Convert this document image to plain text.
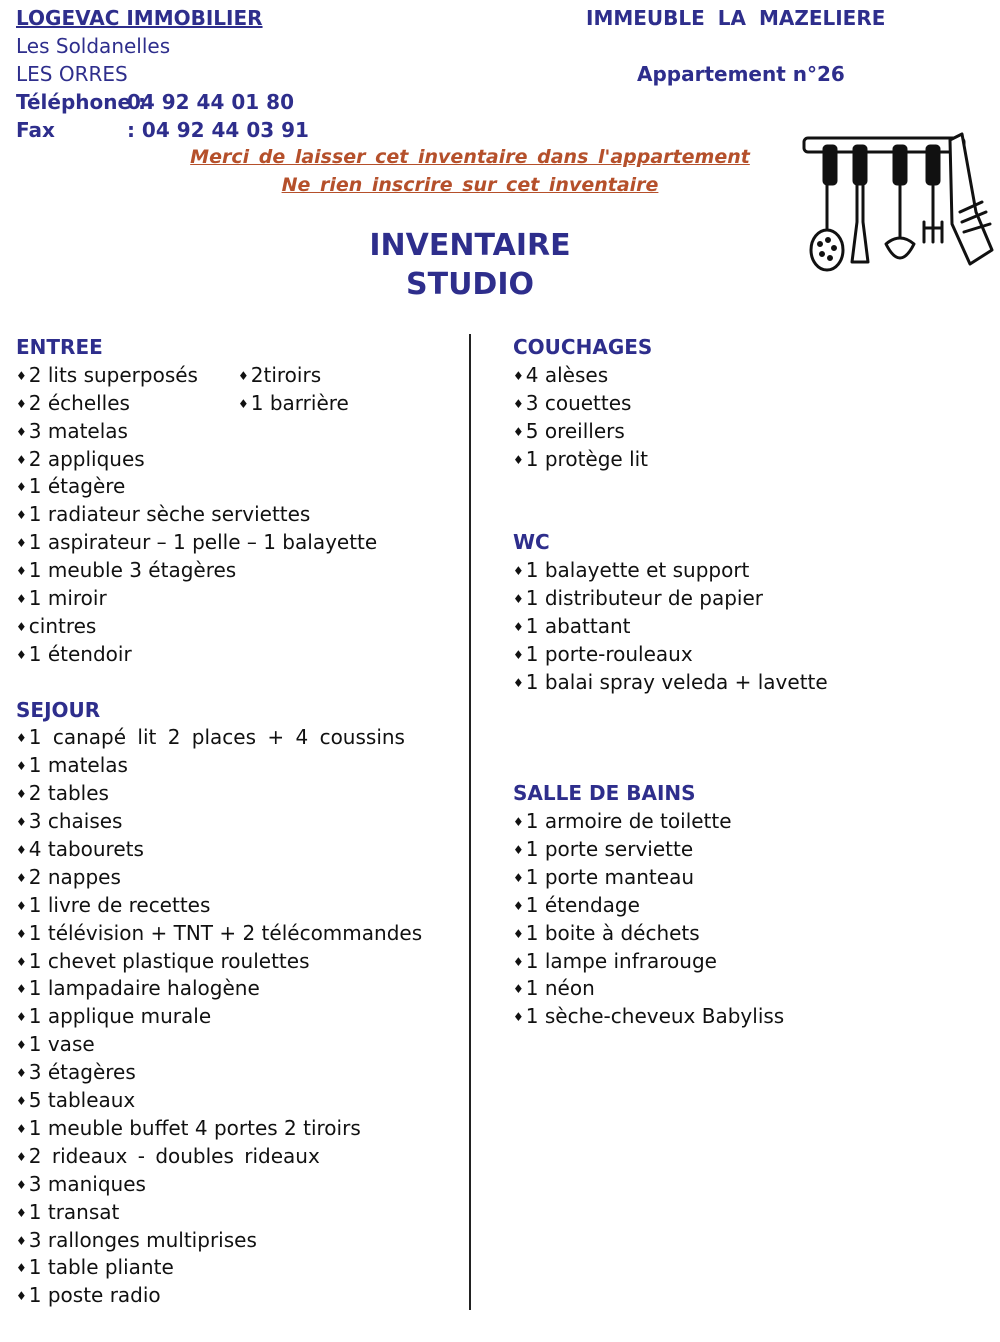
LOGEVAC IMMOBILIER
Les Soldanelles
LES ORRES
Téléphone : 04 92 44 01 80
Fax	: 04 92 44 03 91
IMMEUBLE LA MAZELIERE
Appartement n°26
Merci de laisser cet inventaire dans l'appartement
Ne rien inscrire sur cet inventaire
INVENTAIRE
STUDIO
ENTREE
♦ 2 lits superposés	♦ 2tiroirs
♦ 2 échelles	♦ 1 barrière
♦ 3 matelas
♦ 2 appliques
♦ 1 étagère
♦ 1 radiateur sèche serviettes
♦ 1 aspirateur – 1 pelle – 1 balayette
♦ 1 meuble 3 étagères
♦ 1 miroir
♦ cintres
♦ 1 étendoir
SEJOUR
♦ 1 canapé lit 2 places + 4 coussins
♦ 1 matelas
♦ 2 tables
♦ 3 chaises
♦ 4 tabourets
♦ 2 nappes
♦ 1 livre de recettes
♦ 1 télévision + TNT + 2 télécommandes
♦ 1 chevet plastique roulettes
♦ 1 lampadaire halogène
♦ 1 applique murale
♦ 1 vase
♦ 3 étagères
♦ 5 tableaux
♦ 1 meuble buffet 4 portes 2 tiroirs
♦ 2 rideaux - doubles rideaux
♦ 3 maniques
♦ 1 transat
♦ 3 rallonges multiprises
♦ 1 table pliante
♦ 1 poste radio
COUCHAGES
♦ 4 alèses
♦ 3 couettes
♦ 5 oreillers
♦ 1 protège lit
WC
♦ 1 balayette et support
♦ 1 distributeur de papier
♦ 1 abattant
♦ 1 porte-rouleaux
♦ 1 balai spray veleda + lavette
SALLE DE BAINS
♦ 1 armoire de toilette
♦ 1 porte serviette
♦ 1 porte manteau
♦ 1 étendage
♦ 1 boite à déchets
♦ 1 lampe infrarouge
♦ 1 néon
♦ 1 sèche-cheveux Babyliss
